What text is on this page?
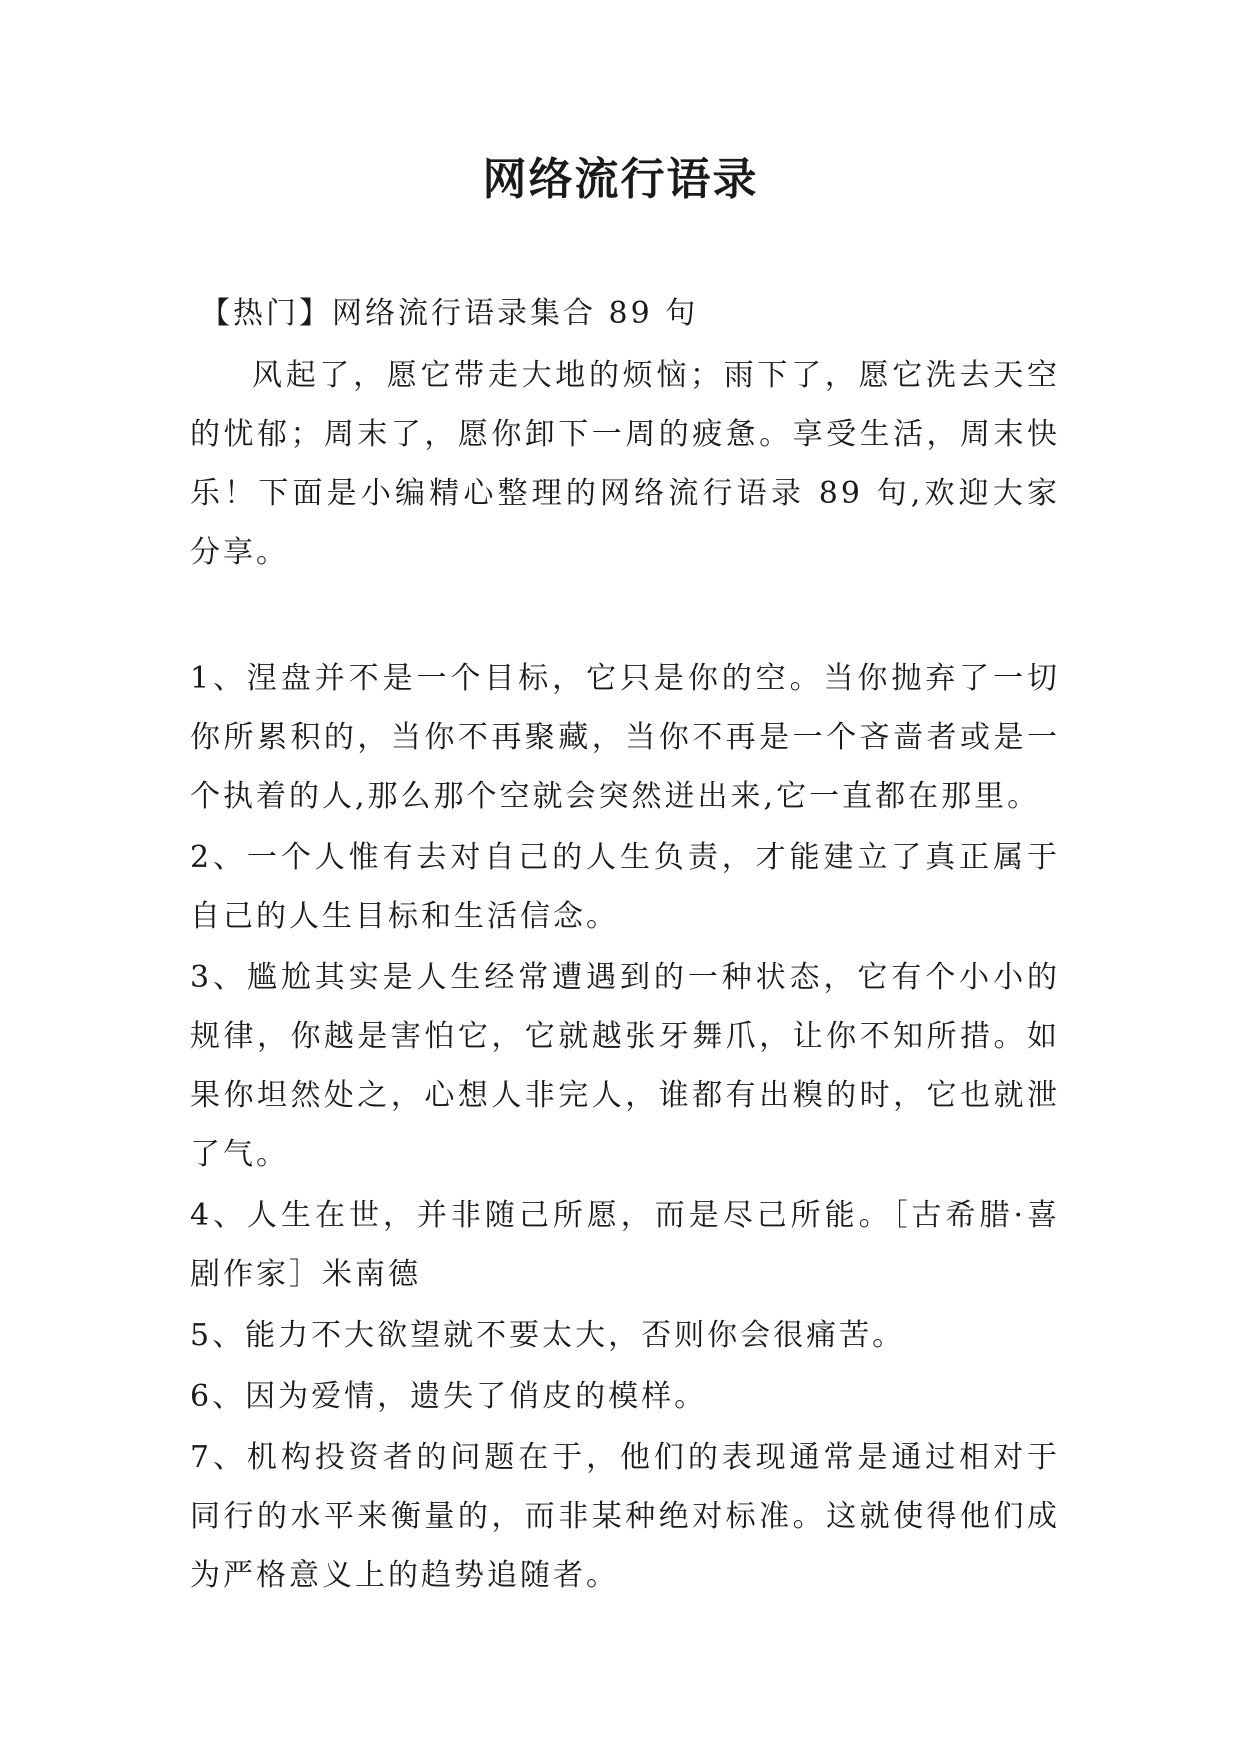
网络流行语录

【热门】网络流行语录集合 89 句

风起了，愿它带走大地的烦恼；雨下了，愿它洗去天空的忧郁；周末了，愿你卸下一周的疲惫。享受生活，周末快乐！下面是小编精心整理的网络流行语录 89 句,欢迎大家分享。

1、涅盘并不是一个目标，它只是你的空。当你抛弃了一切你所累积的，当你不再聚藏，当你不再是一个吝啬者或是一个执着的人,那么那个空就会突然迸出来,它一直都在那里。
2、一个人惟有去对自己的人生负责，才能建立了真正属于自己的人生目标和生活信念。
3、尴尬其实是人生经常遭遇到的一种状态，它有个小小的规律，你越是害怕它，它就越张牙舞爪，让你不知所措。如果你坦然处之，心想人非完人，谁都有出糗的时，它也就泄了气。
4、人生在世，并非随己所愿，而是尽己所能。［古希腊·喜剧作家］米南德
5、能力不大欲望就不要太大，否则你会很痛苦。
6、因为爱情，遗失了俏皮的模样。
7、机构投资者的问题在于，他们的表现通常是通过相对于同行的水平来衡量的，而非某种绝对标准。这就使得他们成为严格意义上的趋势追随者。
